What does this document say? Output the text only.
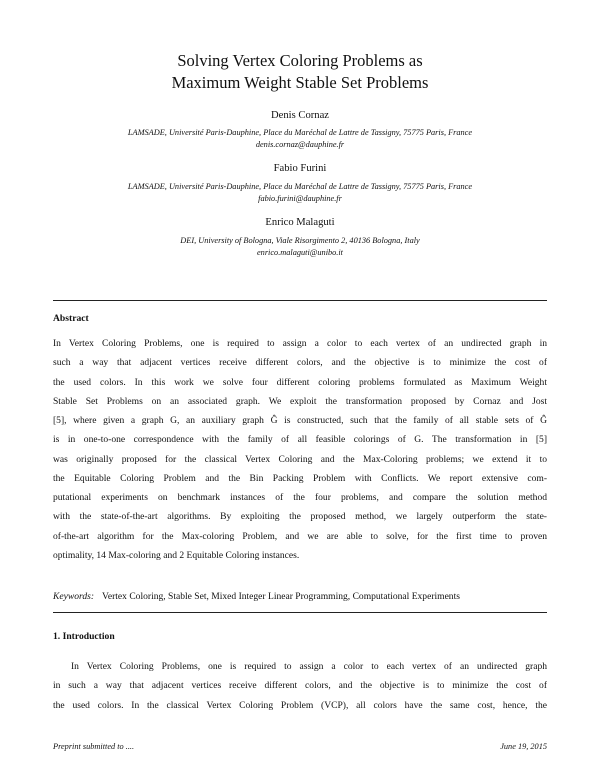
Solving Vertex Coloring Problems as
Maximum Weight Stable Set Problems
Denis Cornaz
LAMSADE, Université Paris-Dauphine, Place du Maréchal de Lattre de Tassigny, 75775 Paris, France
denis.cornaz@dauphine.fr
Fabio Furini
LAMSADE, Université Paris-Dauphine, Place du Maréchal de Lattre de Tassigny, 75775 Paris, France
fabio.furini@dauphine.fr
Enrico Malaguti
DEI, University of Bologna, Viale Risorgimento 2, 40136 Bologna, Italy
enrico.malaguti@unibo.it
Abstract
In Vertex Coloring Problems, one is required to assign a color to each vertex of an undirected graph in
such a way that adjacent vertices receive different colors, and the objective is to minimize the cost of
the used colors. In this work we solve four different coloring problems formulated as Maximum Weight
Stable Set Problems on an associated graph. We exploit the transformation proposed by Cornaz and Jost
[5], where given a graph G, an auxiliary graph Ĝ is constructed, such that the family of all stable sets of Ĝ
is in one-to-one correspondence with the family of all feasible colorings of G. The transformation in [5]
was originally proposed for the classical Vertex Coloring and the Max-Coloring problems; we extend it to
the Equitable Coloring Problem and the Bin Packing Problem with Conflicts. We report extensive com-
putational experiments on benchmark instances of the four problems, and compare the solution method
with the state-of-the-art algorithms. By exploiting the proposed method, we largely outperform the state-
of-the-art algorithm for the Max-coloring Problem, and we are able to solve, for the first time to proven
optimality, 14 Max-coloring and 2 Equitable Coloring instances.
Keywords: Vertex Coloring, Stable Set, Mixed Integer Linear Programming, Computational Experiments
1. Introduction
In Vertex Coloring Problems, one is required to assign a color to each vertex of an undirected graph
in such a way that adjacent vertices receive different colors, and the objective is to minimize the cost of
the used colors. In the classical Vertex Coloring Problem (VCP), all colors have the same cost, hence, the
Preprint submitted to ....	June 19, 2015
